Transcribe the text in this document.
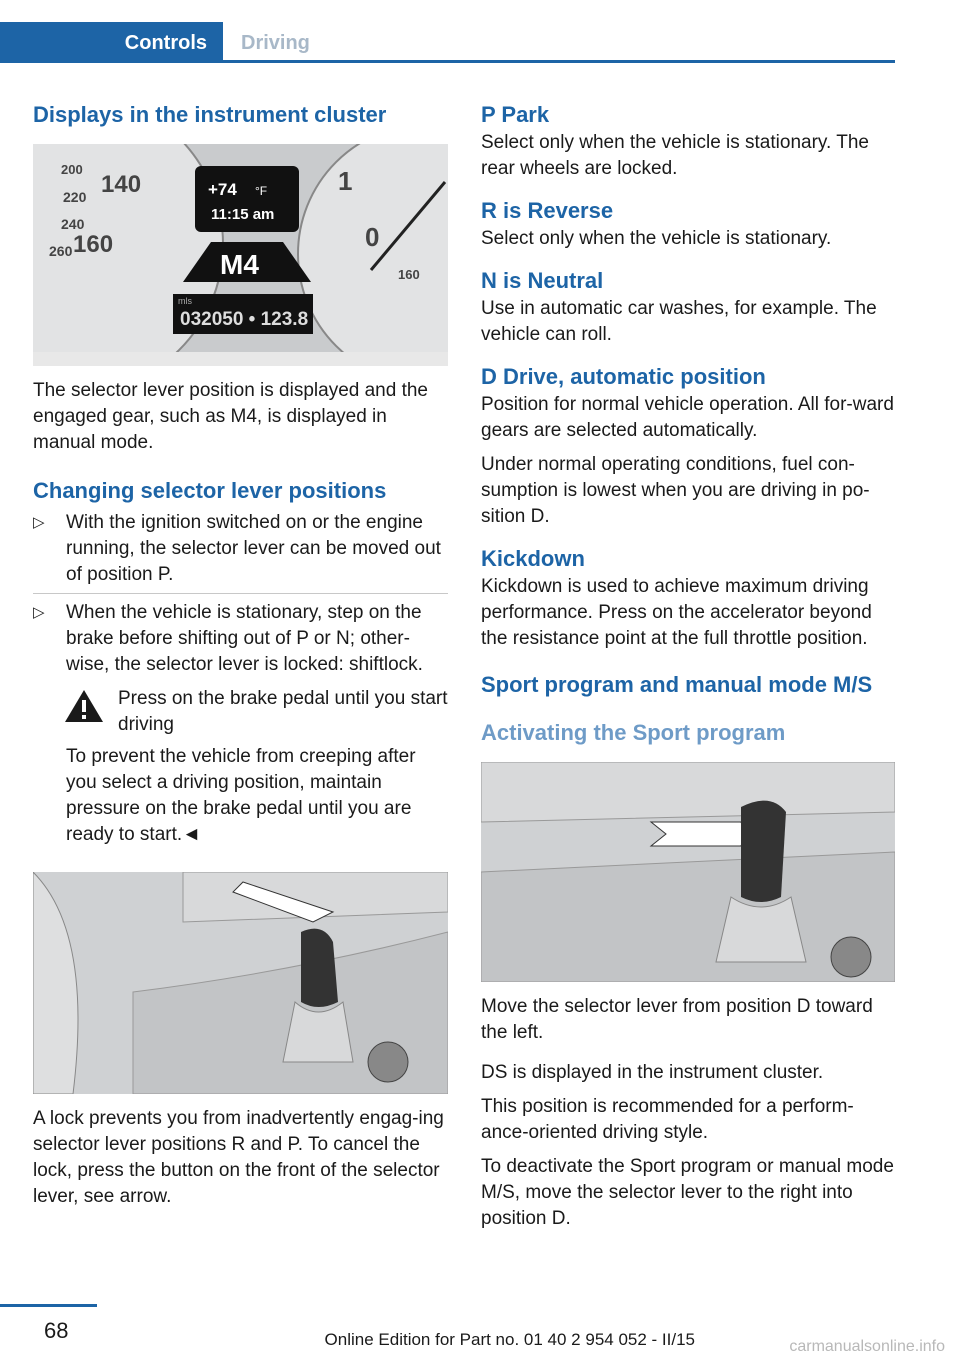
Controls Driving
Displays in the instrument cluster
200
220
240
260
140
160
+74 °F
11:15 am
M4
032050 • 123.8
mls
1
0
160

The selector lever position is displayed and the engaged gear, such as M4, is displayed in manual mode.

Changing selector lever positions
▷ With the ignition switched on or the engine running, the selector lever can be moved out of position P.
▷ When the vehicle is stationary, step on the brake before shifting out of P or N; other-wise, the selector lever is locked: shiftlock.

Press on the brake pedal until you start driving

To prevent the vehicle from creeping after you select a driving position, maintain pressure on the brake pedal until you are ready to start.◄

A lock prevents you from inadvertently engag-ing selector lever positions R and P. To cancel the lock, press the button on the front of the selector lever, see arrow.

P Park

Select only when the vehicle is stationary. The rear wheels are locked.

R is Reverse

Select only when the vehicle is stationary.

N is Neutral

Use in automatic car washes, for example. The vehicle can roll.

D Drive, automatic position

Position for normal vehicle operation. All for-ward gears are selected automatically.

Under normal operating conditions, fuel con-sumption is lowest when you are driving in po-sition D.

Kickdown

Kickdown is used to achieve maximum driving performance. Press on the accelerator beyond the resistance point at the full throttle position.

Sport program and manual mode M/S
Activating the Sport program

Move the selector lever from position D toward the left.

DS is displayed in the instrument cluster.

This position is recommended for a perform-ance-oriented driving style.

To deactivate the Sport program or manual mode M/S, move the selector lever to the right into position D.

68	Online Edition for Part no. 01 40 2 954 052 - II/15	carmanualsonline.info
